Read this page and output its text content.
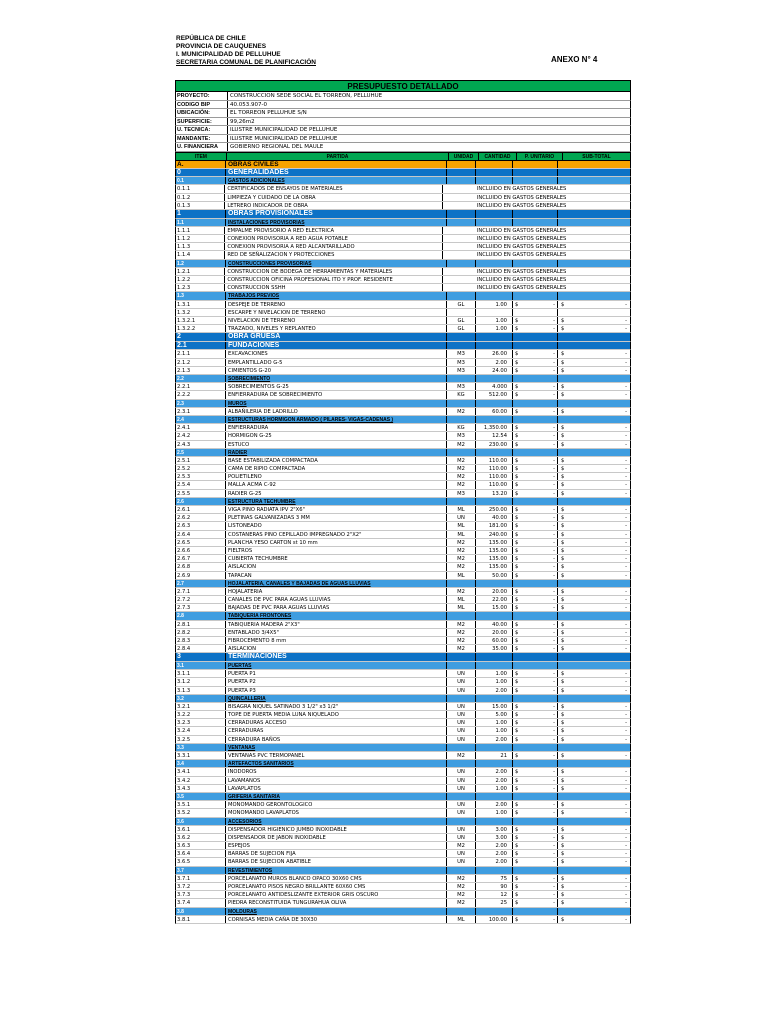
REPÚBLICA DE CHILE
PROVINCIA DE CAUQUENES
I. MUNICIPALIDAD DE PELLUHUE
SECRETARIA COMUNAL DE PLANIFICACIÓN	ANEXO N° 4
PRESUPUESTO DETALLADO
PROYECTO:	CONSTRUCCION SEDE SOCIAL EL TORREON, PELLUHUE
CODIGO BIP	40.053.907-0
UBICACIÓN:	EL TORREON PELLUHUE S/N
SUPERFICIE:	99,26m2
U. TECNICA:	ILUSTRE MUNICIPALIDAD DE PELLUHUE
MANDANTE:	ILUSTRE MUNICIPALIDAD DE PELLUHUE
U. FINANCIERA	GOBIERNO REGIONAL DEL MAULE
ITEM	PARTIDA	UNIDAD	CANTIDAD	P. UNITARIO	SUB-TOTAL
A.	OBRAS CIVILES
0	GENERALIDADES
0.1	GASTOS ADICIONALES
0.1.1	CERTIFICADOS DE ENSAYOS DE MATERIALES	INCLUIDO EN GASTOS GENERALES
0.1.2	LIMPIEZA Y CUIDADO DE LA OBRA	INCLUIDO EN GASTOS GENERALES
0.1.3	LETRERO INDICADOR DE OBRA	INCLUIDO EN GASTOS GENERALES
1	OBRAS PROVISIONALES
1.1	INSTALACIONES PROVISORIAS
1.1.1	EMPALME PROVISORIO A RED ELECTRICA	INCLUIDO EN GASTOS GENERALES
1.1.2	CONEXION PROVISORIA A RED AGUA POTABLE	INCLUIDO EN GASTOS GENERALES
1.1.3	CONEXION PROVISORIA A RED ALCANTARILLADO	INCLUIDO EN GASTOS GENERALES
1.1.4	RED DE SEÑALIZACION Y PROTECCIONES	INCLUIDO EN GASTOS GENERALES
1.2	CONSTRUCCIONES PROVISORIAS
1.2.1	CONSTRUCCION DE BODEGA DE HERRAMIENTAS Y MATERIALES	INCLUIDO EN GASTOS GENERALES
1.2.2	CONSTRUCCION OFICINA PROFESIONAL ITO Y PROF. RESIDENTE	INCLUIDO EN GASTOS GENERALES
1.2.3	CONSTRUCCION SSHH	INCLUIDO EN GASTOS GENERALES
1.3	TRABAJOS PREVIOS
1.3.1	DESPEJE DE TERRENO	GL	1.00	$	- $	-
1.3.2	ESCARPE Y NIVELACION DE TERRENO
1.3.2.1	NIVELACION DE TERRENO	GL	1.00	$	- $	-
1.3.2.2	TRAZADO, NIVELES Y REPLANTEO	GL	1.00	$	- $	-
2	OBRA GRUESA
2.1	FUNDACIONES
2.1.1	EXCAVACIONES	M3	26.00	$	- $	-
2.1.2	EMPLANTILLADO G-5	M3	2.00	$	- $	-
2.1.3	CIMIENTOS G-20	M3	24.00	$	- $	-
2.2	SOBRECIMIENTO
2.2.1	SOBRECIMIENTOS G-25	M3	4.000	$	- $	-
2.2.2	ENFIERRADURA DE SOBRECIMIENTO	KG	512.00	$	- $	-
2.3	MUROS
2.3.1	ALBAÑILERIA DE LADRILLO	M2	60.00	$	- $	-
2.4	ESTRUCTURAS HORMIGON ARMADO ( PILARES- VIGAS-CADENAS )
2.4.1	ENFIERRADURA	KG	1,350.00	$	- $	-
2.4.2	HORMIGON G-25	M3	12.54	$	- $	-
2.4.3	ESTUCO	M2	230.00	$	- $	-
2.5	RADIER
2.5.1	BASE ESTABILIZADA COMPACTADA	M2	110.00	$	- $	-
2.5.2	CAMA DE RIPIO COMPACTADA	M2	110.00	$	- $	-
2.5.3	POLIETILENO	M2	110.00	$	- $	-
2.5.4	MALLA ACMA C-92	M2	110.00	$	- $	-
2.5.5	RADIER G-25	M3	13.20	$	- $	-
2.6	ESTRUCTURA TECHUMBRE
2.6.1	VIGA PINO RADIATA IPV 2"X6"	ML	250.00	$	- $	-
2.6.2	PLETINAS GALVANIZADAS 3 MM	UN	40.00	$	- $	-
2.6.3	LISTONEADO	ML	181.00	$	- $	-
2.6.4	COSTANERAS PINO CEPILLADO IMPREGNADO 2"X2"	ML	240.00	$	- $	-
2.6.5	PLANCHA YESO CARTON st 10 mm	M2	135.00	$	- $	-
2.6.6	FIELTROS	M2	135.00	$	- $	-
2.6.7	CUBIERTA TECHUMBRE	M2	135.00	$	- $	-
2.6.8	AISLACION	M2	135.00	$	- $	-
2.6.9	TAPACAN	ML	50.00	$	- $	-
2.7	HOJALATERIA, CANALES Y BAJADAS DE AGUAS LLUVIAS
2.7.1	HOJALATERIA	M2	20.00	$	- $	-
2.7.2	CANALES DE PVC PARA AGUAS LLUVIAS	ML	22.00	$	- $	-
2.7.3	BAJADAS DE PVC PARA AGUAS LLUVIAS	ML	15.00	$	- $	-
2.8	TABIQUERIA FRONTONES
2.8.1	TABIQUERIA MADERA 2"X3"	M2	40.00	$	- $	-
2.8.2	ENTABLADO 3/4X5"	M2	20.00	$	- $	-
2.8.3	FIBROCEMENTO 8 mm	M2	60.00	$	- $	-
2.8.4	AISLACION	M2	35.00	$	- $	-
3	TERMINACIONES
3.1	PUERTAS
3.1.1	PUERTA P1	UN	1.00	$	- $	-
3.1.2	PUERTA P2	UN	1.00	$	- $	-
3.1.3	PUERTA P3	UN	2.00	$	- $	-
3.2	QUINCALLERIA
3.2.1	BISAGRA NIQUEL SATINADO 3 1/2" x3 1/2"	UN	15.00	$	- $	-
3.2.2	TOPE DE PUERTA MEDIA LUNA NIQUELADO	UN	5.00	$	- $	-
3.2.3	CERRADURAS ACCESO	UN	1.00	$	- $	-
3.2.4	CERRADURAS	UN	1.00	$	- $	-
3.2.5	CERRADURA BAÑOS	UN	2.00	$	- $	-
3.3	VENTANAS
3.3.1	VENTANAS PVC TERMOPANEL	M2	21	$	- $	-
3.4	ARTEFACTOS SANITARIOS
3.4.1	INODOROS	UN	2.00	$	- $	-
3.4.2	LAVAMANOS	UN	2.00	$	- $	-
3.4.3	LAVAPLATOS	UN	1.00	$	- $	-
3.5	GRIFERIA SANITARIA
3.5.1	MONOMANDO GERONTOLOGICO	UN	2.00	$	- $	-
3.5.2	MONOMANDO LAVAPLATOS	UN	1.00	$	- $	-
3.6	ACCESORIOS
3.6.1	DISPENSADOR HIGIENICO JUMBO INOXIDABLE	UN	3.00	$	- $	-
3.6.2	DISPENSADOR DE JABON INOXIDABLE	UN	3.00	$	- $	-
3.6.3	ESPEJOS	M2	2.00	$	- $	-
3.6.4	BARRAS DE SUJECION FIJA	UN	2.00	$	- $	-
3.6.5	BARRAS DE SUJECION ABATIBLE	UN	2.00	$	- $	-
3.7	REVESTIMIENTOS
3.7.1	PORCELANATO MUROS BLANCO OPACO 30X60 CMS	M2	75	$	- $	-
3.7.2	PORCELANATO PISOS NEGRO BRILLANTE 60X60 CMS	M2	90	$	- $	-
3.7.3	PORCELANATO ANTIDESLIZANTE EXTERIOR GRIS OSCURO	M2	12	$	- $	-
3.7.4	PIEDRA RECONSTITUIDA TUNGURAHUA OLIVA	M2	25	$	- $	-
3.8	MOLDURAS
3.8.1	CORNISAS MEDIA CAÑA DE 30X30	ML	100.00	$	- $	-
